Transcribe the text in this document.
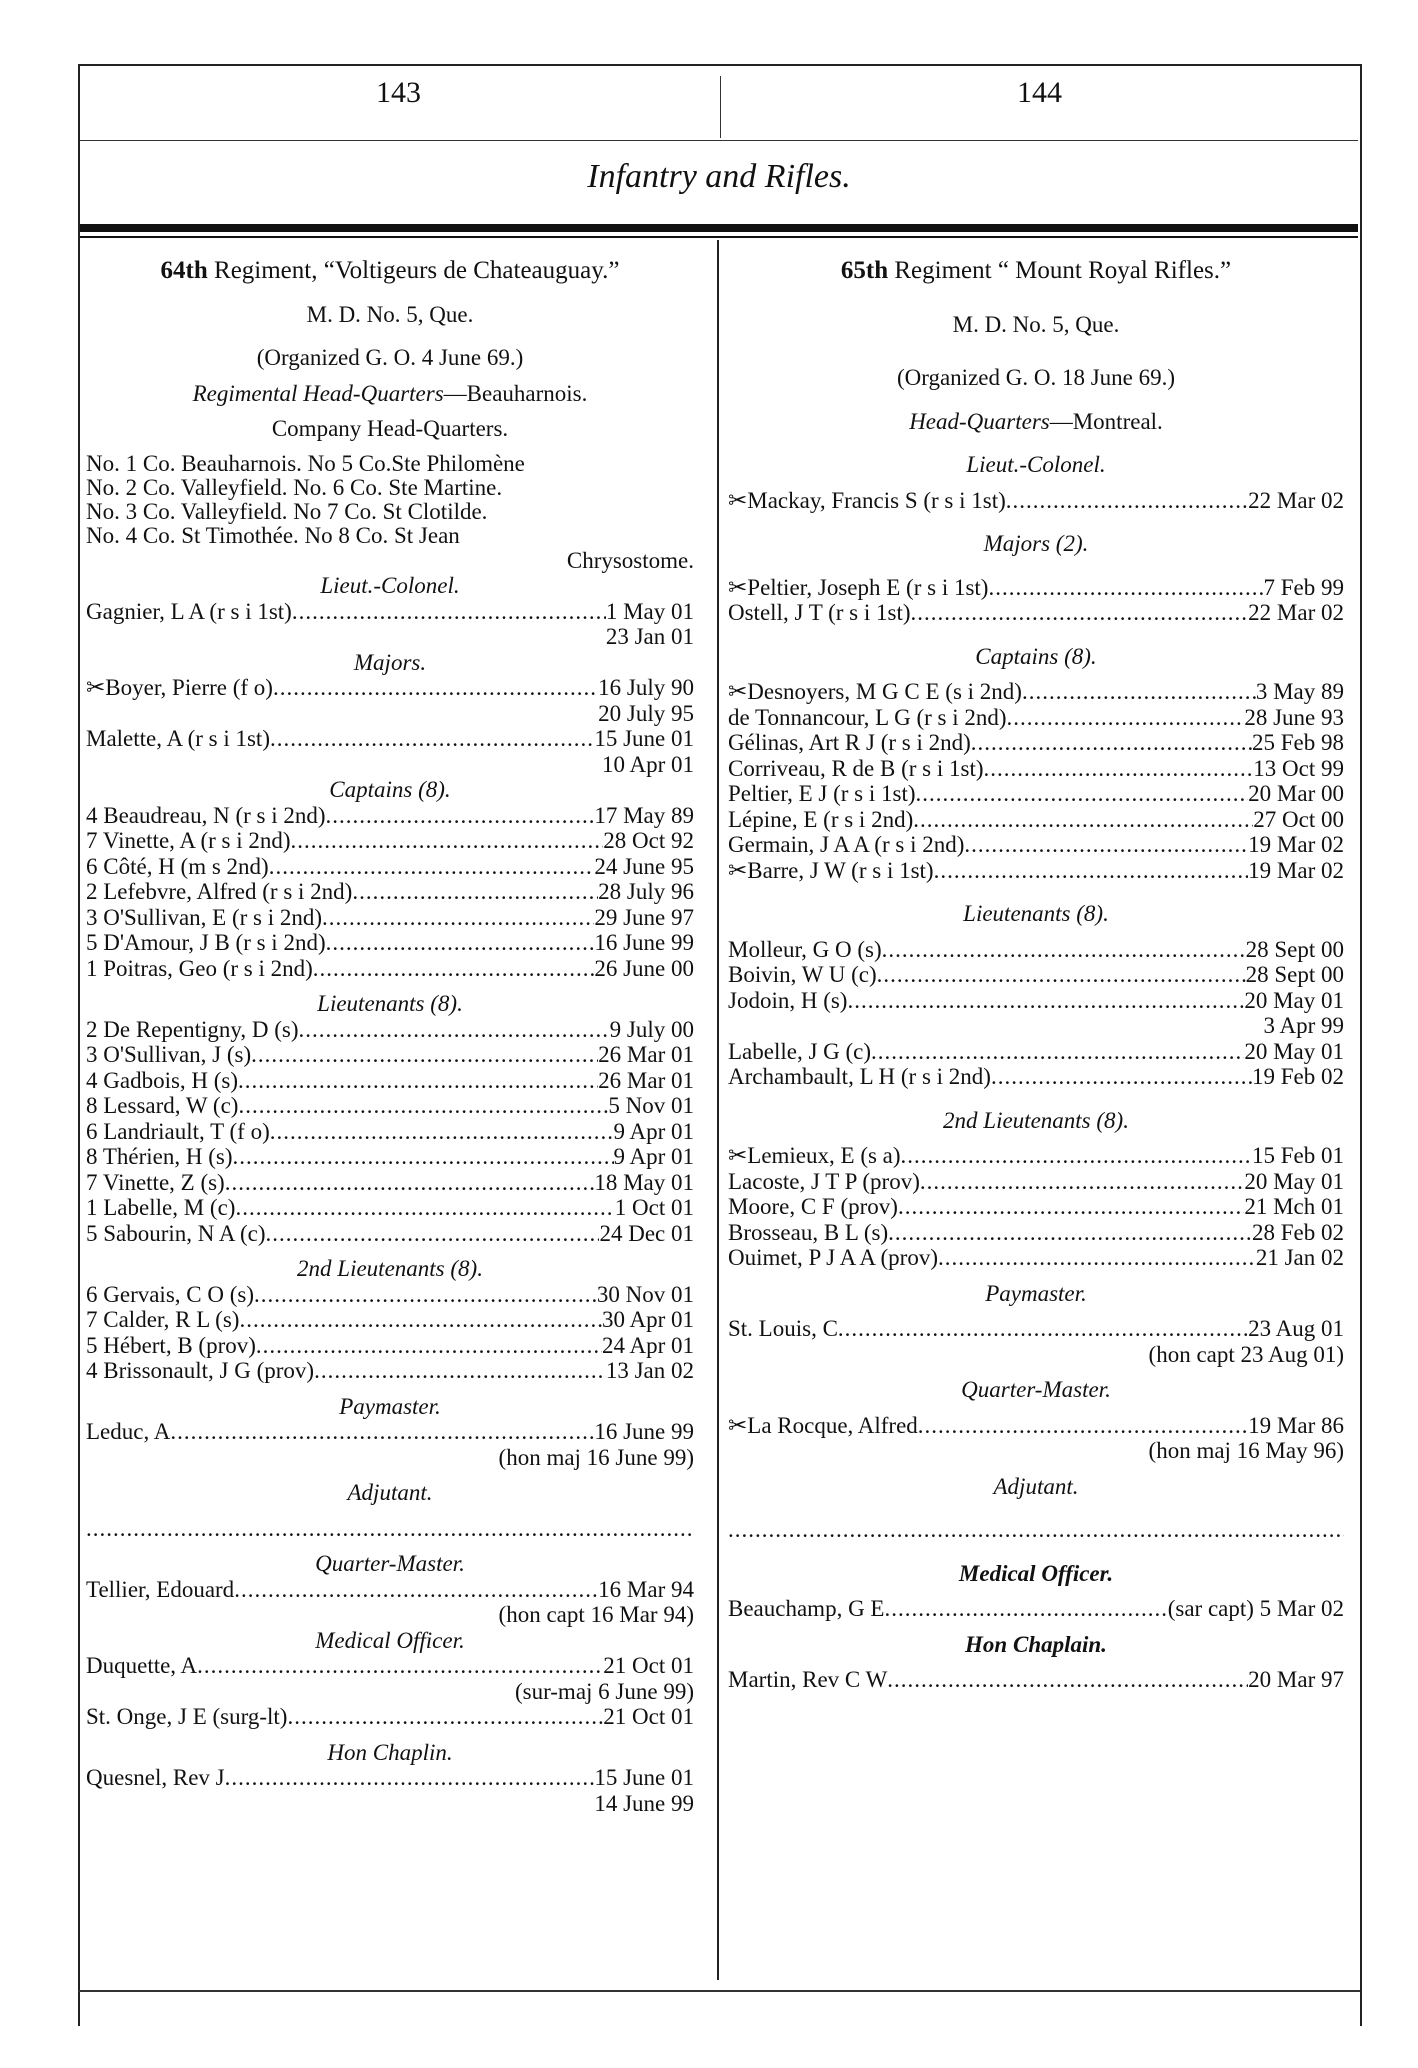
143	144
Infantry and Rifles.
64th Regiment, “Voltigeurs de Chateauguay.”
M. D. No. 5, Que.
(Organized G. O. 4 June 69.)
Regimental Head-Quarters—Beauharnois.
Company Head-Quarters.
No. 1 Co. Beauharnois. No 5 Co.Ste Philomène
No. 2 Co. Valleyfield. No. 6 Co. Ste Martine.
No. 3 Co. Valleyfield. No 7 Co. St Clotilde.
No. 4 Co. St Timothée. No 8 Co. St Jean
Chrysostome.
Lieut.-Colonel.
Gagnier, L A (r s i 1st) .....	1 May 01
23 Jan 01
Majors.
✂Boyer, Pierre (f o) .....	16 July 90
20 July 95
Malette, A (r s i 1st) .....	15 June 01
10 Apr 01
Captains (8).
4 Beaudreau, N (r s i 2nd) .....	17 May 89
7 Vinette, A (r s i 2nd) .....	28 Oct 92
6 Côté, H (m s 2nd) .....	24 June 95
2 Lefebvre, Alfred (r s i 2nd) .....	28 July 96
3 O'Sullivan, E (r s i 2nd) .....	29 June 97
5 D'Amour, J B (r s i 2nd) .....	16 June 99
1 Poitras, Geo (r s i 2nd) .....	26 June 00
Lieutenants (8).
2 De Repentigny, D (s) .....	9 July 00
3 O'Sullivan, J (s) .....	26 Mar 01
4 Gadbois, H (s) .....	26 Mar 01
8 Lessard, W (c) .....	5 Nov 01
6 Landriault, T (f o) .....	9 Apr 01
8 Thérien, H (s) .....	9 Apr 01
7 Vinette, Z (s) .....	18 May 01
1 Labelle, M (c) .....	1 Oct 01
5 Sabourin, N A (c) .....	24 Dec 01
2nd Lieutenants (8).
6 Gervais, C O (s) .....	30 Nov 01
7 Calder, R L (s) .....	30 Apr 01
5 Hébert, B (prov) .....	24 Apr 01
4 Brissonault, J G (prov) .....	13 Jan 02
Paymaster.
Leduc, A .....	16 June 99
(hon maj 16 June 99)
Adjutant.
.....
Quarter-Master.
Tellier, Edouard .....	16 Mar 94
(hon capt 16 Mar 94)
Medical Officer.
Duquette, A .....	21 Oct 01
(sur-maj 6 June 99)
St. Onge, J E (surg-lt) .....	21 Oct 01
Hon Chaplin.
Quesnel, Rev J .....	15 June 01
14 June 99
65th Regiment “ Mount Royal Rifles.”
M. D. No. 5, Que.
(Organized G. O. 18 June 69.)
Head-Quarters—Montreal.
Lieut.-Colonel.
✂Mackay, Francis S (r s i 1st) .....	22 Mar 02
Majors (2).
✂Peltier, Joseph E (r s i 1st) .....	7 Feb 99
Ostell, J T (r s i 1st) .....	22 Mar 02
Captains (8).
✂Desnoyers, M G C E (s i 2nd) .....	3 May 89
de Tonnancour, L G (r s i 2nd) .....	28 June 93
Gélinas, Art R J (r s i 2nd) .....	25 Feb 98
Corriveau, R de B (r s i 1st) .....	13 Oct 99
Peltier, E J (r s i 1st) .....	20 Mar 00
Lépine, E (r s i 2nd) .....	27 Oct 00
Germain, J A A (r s i 2nd) .....	19 Mar 02
✂Barre, J W (r s i 1st) .....	19 Mar 02
Lieutenants (8).
Molleur, G O (s) .....	28 Sept 00
Boivin, W U (c) .....	28 Sept 00
Jodoin, H (s) .....	20 May 01
3 Apr 99
Labelle, J G (c) .....	20 May 01
Archambault, L H (r s i 2nd) .....	19 Feb 02
2nd Lieutenants (8).
✂Lemieux, E (s a) .....	15 Feb 01
Lacoste, J T P (prov) .....	20 May 01
Moore, C F (prov) .....	21 Mch 01
Brosseau, B L (s) .....	28 Feb 02
Ouimet, P J A A (prov) .....	21 Jan 02
Paymaster.
St. Louis, C .....	23 Aug 01
(hon capt 23 Aug 01)
Quarter-Master.
✂La Rocque, Alfred .....	19 Mar 86
(hon maj 16 May 96)
Adjutant.
.....
Medical Officer.
Beauchamp, G E .....	(sar capt) 5 Mar 02
Hon Chaplain.
Martin, Rev C W .....	20 Mar 97
